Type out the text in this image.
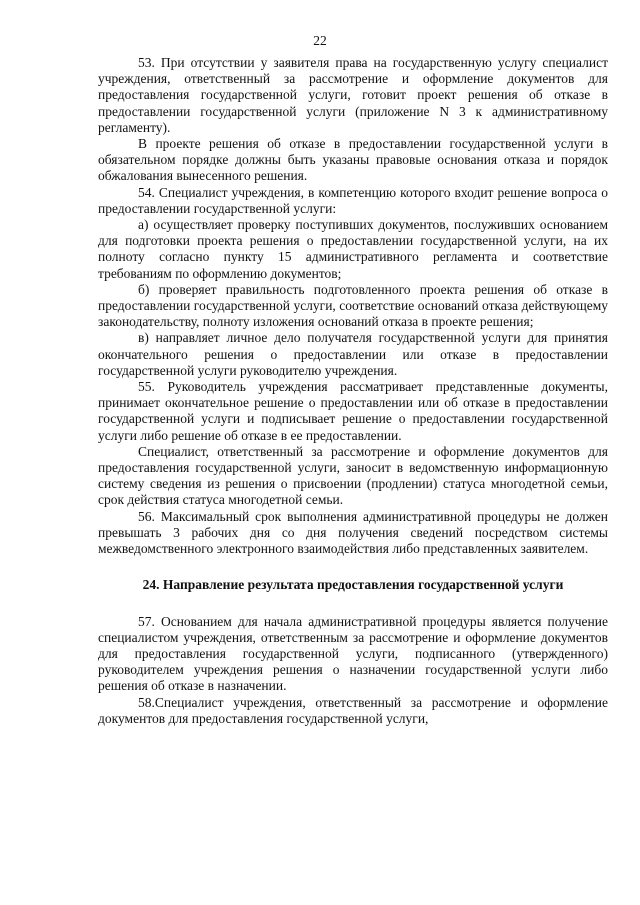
22

53. При отсутствии у заявителя права на государственную услугу специалист учреждения, ответственный за рассмотрение и оформление документов для предоставления государственной услуги, готовит проект решения об отказе в предоставлении государственной услуги (приложение N 3 к административному регламенту).

В проекте решения об отказе в предоставлении государственной услуги в обязательном порядке должны быть указаны правовые основания отказа и порядок обжалования вынесенного решения.

54. Специалист учреждения, в компетенцию которого входит решение вопроса о предоставлении государственной услуги:

а) осуществляет проверку поступивших документов, послуживших основанием для подготовки проекта решения о предоставлении государственной услуги, на их полноту согласно пункту 15 административного регламента и соответствие требованиям по оформлению документов;

б) проверяет правильность подготовленного проекта решения об отказе в предоставлении государственной услуги, соответствие оснований отказа действующему законодательству, полноту изложения оснований отказа в проекте решения;

в) направляет личное дело получателя государственной услуги для принятия окончательного решения о предоставлении или отказе в предоставлении государственной услуги руководителю учреждения.

55. Руководитель учреждения рассматривает представленные документы, принимает окончательное решение о предоставлении или об отказе в предоставлении государственной услуги и подписывает решение о предоставлении государственной услуги либо решение об отказе в ее предоставлении.

Специалист, ответственный за рассмотрение и оформление документов для предоставления государственной услуги, заносит в ведомственную информационную систему сведения из решения о присвоении (продлении) статуса многодетной семьи, срок действия статуса многодетной семьи.

56. Максимальный срок выполнения административной процедуры не должен превышать 3 рабочих дня со дня получения сведений посредством системы межведомственного электронного взаимодействия либо представленных заявителем.

24. Направление результата предоставления государственной услуги

57. Основанием для начала административной процедуры является получение специалистом учреждения, ответственным за рассмотрение и оформление документов для предоставления государственной услуги, подписанного (утвержденного) руководителем учреждения решения о назначении государственной услуги либо решения об отказе в назначении.

58.Специалист учреждения, ответственный за рассмотрение и оформление документов для предоставления государственной услуги,
